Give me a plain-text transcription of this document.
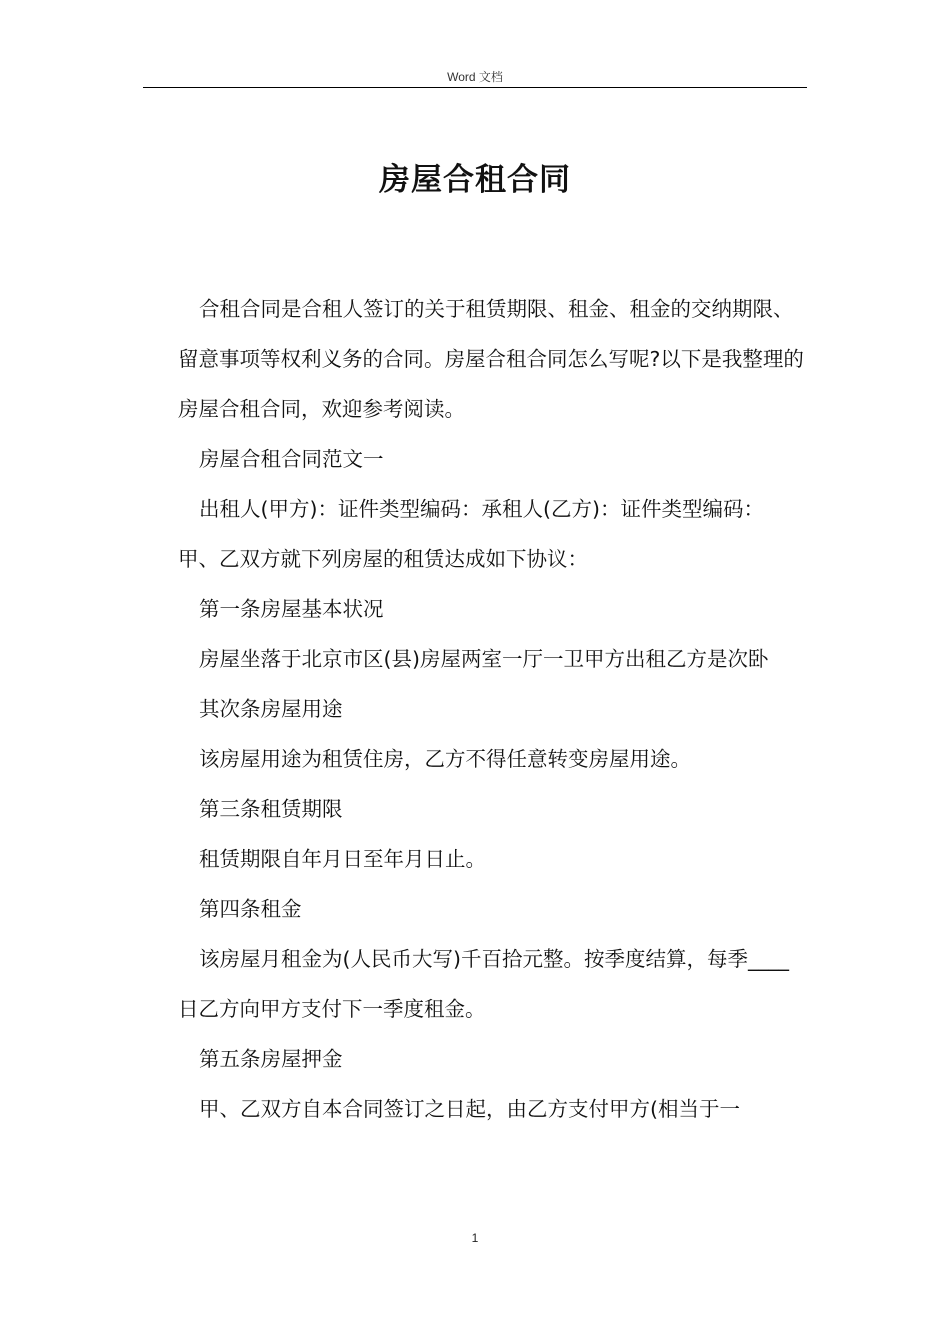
Word 文档
房屋合租合同

合租合同是合租人签订的关于租赁期限、租金、租金的交纳期限、留意事项等权利义务的合同。房屋合租合同怎么写呢?以下是我整理的房屋合租合同，欢迎参考阅读。

房屋合租合同范文一

出租人(甲方)：证件类型编码：承租人(乙方)：证件类型编码：甲、乙双方就下列房屋的租赁达成如下协议：

第一条房屋基本状况

房屋坐落于北京市区(县)房屋两室一厅一卫甲方出租乙方是次卧

其次条房屋用途

该房屋用途为租赁住房，乙方不得任意转变房屋用途。

第三条租赁期限

租赁期限自年月日至年月日止。

第四条租金

该房屋月租金为(人民币大写)千百拾元整。按季度结算，每季____日乙方向甲方支付下一季度租金。

第五条房屋押金

甲、乙双方自本合同签订之日起，由乙方支付甲方(相当于一

1
